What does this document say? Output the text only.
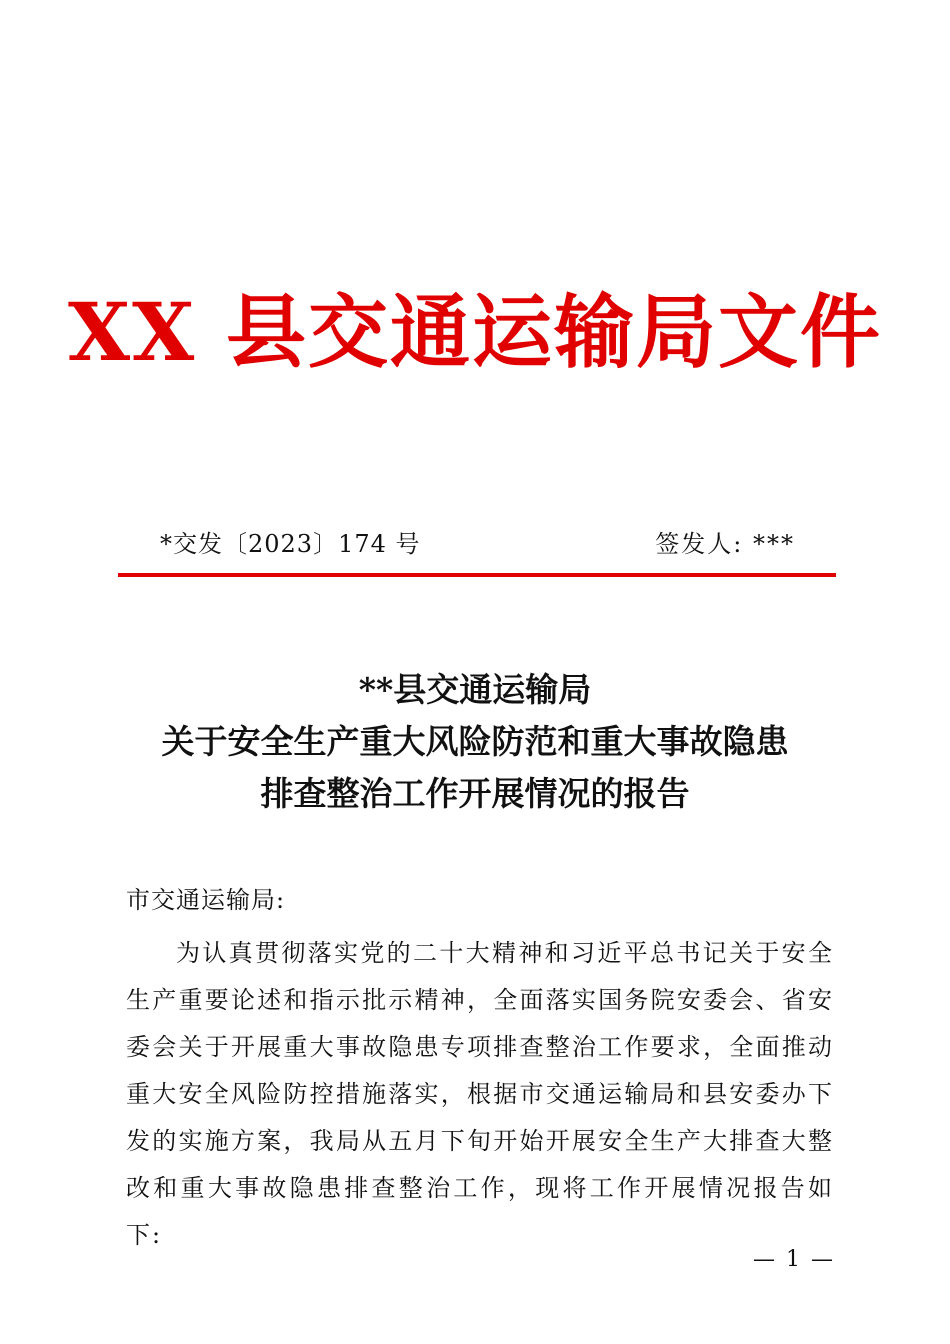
XX 县交通运输局文件
*交发〔2023〕174 号	签发人: ***
**县交通运输局
关于安全生产重大风险防范和重大事故隐患
排查整治工作开展情况的报告
市交通运输局:
为认真贯彻落实党的二十大精神和习近平总书记关于安全生产重要论述和指示批示精神，全面落实国务院安委会、省安委会关于开展重大事故隐患专项排查整治工作要求，全面推动重大安全风险防控措施落实，根据市交通运输局和县安委办下发的实施方案，我局从五月下旬开始开展安全生产大排查大整改和重大事故隐患排查整治工作，现将工作开展情况报告如下:
— 1 —
